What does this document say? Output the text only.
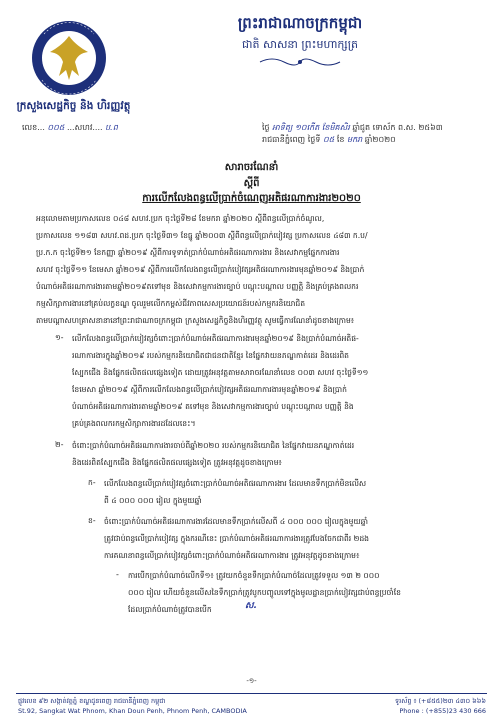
ព្រះរាជាណាចក្រកម្ពុជា
ជាតិ សាសនា ព្រះមហាក្សត្រ
ក្រសួងសេដ្ឋកិច្ច និង ហិរញ្ញវត្ថុ
លេខ... ០០៥ ...សហវ.... ប.ព	ថ្ងៃ អាទិត្យ ១០កើត ខែមិគសិរ ឆ្នាំជូត ទោស័ក ព.ស. ២៥៦៣
រាជធានីភ្នំពេញ ថ្ងៃទី ០៥ ខែ មករា ឆ្នាំ២០២០
សារាចរណែនាំ
ស្តីពី
ការលើកលែងពន្ធលើប្រាក់ចំណេញអតិផរណាការងារ២០២០
អនុលោមតាមប្រកាសលេខ ០៤៨ សហវ.ប្រក ចុះថ្ងៃទី២៨ ខែមករា ឆ្នាំ២០២០ ស្តីពីពន្ធលើប្រាក់ចំណូល,
ប្រកាសលេខ ១១៨៣ សហវ.ពដ.ប្រក ចុះថ្ងៃទី៣១ ខែធ្នូ ឆ្នាំ២០០៣ ស្តីពីពន្ធលើប្រាក់បៀវត្ស ប្រកាសលេខ ៤៨៣ ក.ប/
ប្រ.ក.ក ចុះថ្ងៃទី២១ ខែកញ្ញា ឆ្នាំ២០១៩ ស្តីពីការទូទាត់ប្រាក់បំណាច់អតិផរណាការងារ និងសេវាកម្មផ្នែកការងារ
សហវ ចុះថ្ងៃទី១១ ខែមេសា ឆ្នាំ២០១៩ ស្តីពីការលើកលែងពន្ធលើប្រាក់បៀវត្សអតិផរណាការងារមុនឆ្នាំ២០១៩ និងប្រាក់
បំណាច់អតិផរណាការងារតាមឆ្នាំ២០១៩តទៅមុខ និងសេវាកម្មការងារច្បាប់ បណ្តុះបណ្តាល បញ្ញត្តិ និងគ្រប់គ្រងពលករ
កម្មសិក្សាការងារនៅគ្រប់លក្ខខណ្ឌ ចូលរួមលើកកម្ពស់ជីវភាពសេសប្រយោជន៍របស់កម្មករនិយោជិត
តាមបណ្តាសហគ្រាសនានានៅព្រះរាជាណាចក្រកម្ពុជា ក្រសួងសេដ្ឋកិច្ចនិងហិរញ្ញវត្ថុ សូមធ្វើការណែនាំដូចខាងក្រោម៖
១- លើកលែងពន្ធលើប្រាក់បៀវត្សចំពោះប្រាក់បំណាច់អតិផរណាការងារមុនឆ្នាំ២០១៩ និងប្រាក់បំណាច់អតិផ-
រណាការងារក្នុងឆ្នាំ២០១៩ របស់កម្មករនិយោជិតជាជនជាតិខ្មែរ នៃផ្នែកវាយនភណ្ឌកាត់ដេរ និងដេរពិត
ស្បែកជើង និងផ្នែកផលិតផលផ្សេងទៀត ដោយត្រូវអនុវត្តតាមសារាចរណែនាំលេខ ០០៣ សហវ ចុះថ្ងៃទី១១
ខែមេសា ឆ្នាំ២០១៩ ស្តីពីការលើកលែងពន្ធលើប្រាក់បៀវត្សអតិផរណាការងារមុនឆ្នាំ២០១៩ និងប្រាក់
បំណាច់អតិផរណាការងារតាមឆ្នាំ២០១៩ តទៅមុខ និងសេវាកម្មការងារច្បាប់ បណ្តុះបណ្តាល បញ្ញត្តិ និង
គ្រប់គ្រងពលករកម្មសិក្សាការងារដដែលនេះ។
២- ចំពោះប្រាក់បំណាច់អតិផរណាការងារចាប់ពីឆ្នាំ២០២០ របស់កម្មករនិយោជិត នៃផ្នែកវាយនភណ្ឌកាត់ដេរ
និងដេរពិតស្បែកជើង និងផ្នែកផលិតផលផ្សេងទៀត ត្រូវអនុវត្តដូចខាងក្រោម៖
ក- លើកលែងពន្ធលើប្រាក់បៀវត្សចំពោះប្រាក់បំណាច់អតិផរណាការងារ ដែលមានទឹកប្រាក់មិនលើស
ពី ៤ ០០០ ០០០ រៀល ក្នុងមួយឆ្នាំ
ខ- ចំពោះប្រាក់បំណាច់អតិផរណាការងារដែលមានទឹកប្រាក់លើសពី ៤ ០០០ ០០០ រៀលក្នុងមួយឆ្នាំ
ត្រូវជាប់ពន្ធលើប្រាក់បៀវត្ស ក្នុងករណីនេះ ប្រាក់បំណាច់អតិផរណាការងារត្រូវបែងចែកជាពីរ ២ដង
ការគណនាពន្ធលើប្រាក់បៀវត្សចំពោះប្រាក់បំណាច់អតិផរណាការងារ ត្រូវអនុវត្តដូចខាងក្រោម៖
- ការបើកប្រាក់បំណាច់លើកទី១៖ ត្រូវយកចំនួនទឹកប្រាក់បំណាច់ដែលត្រូវទទួល ១៣ ២ ០០០
០០០ រៀល ហើយចំនួនលើសនៃទឹកប្រាក់ត្រូវបូកបញ្ចូលទៅក្នុងមូលដ្ឋានប្រាក់បៀវត្សជាប់ពន្ធប្រចាំខែ
ដែលប្រាក់បំណាច់ត្រូវបានបើក	ស.
-១-
ផ្លូវលេខ ៩២ សង្កាត់វត្តភ្នំ ខណ្ឌដូនពេញ រាជធានីភ្នំពេញ កម្ពុជា
St.92, Sangkat Wat Phnom, Khan Doun Penh, Phnom Penh, CAMBODIA
ទូរស័ព្ទ ៖ (+៨៥៥)២៣ ៤៣០ ៦៦៦
Phone : (+855)23 430 666
